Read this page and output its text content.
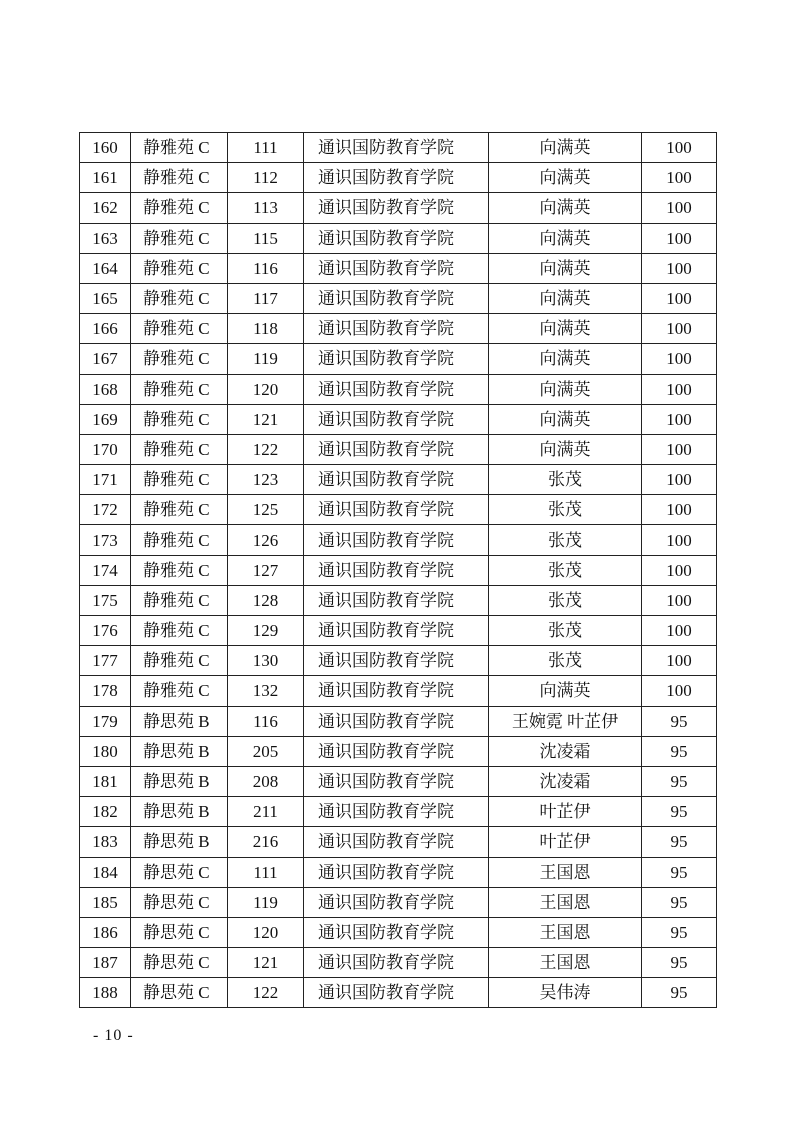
160	静雅苑 C	111	通识国防教育学院	向满英	100
161	静雅苑 C	112	通识国防教育学院	向满英	100
162	静雅苑 C	113	通识国防教育学院	向满英	100
163	静雅苑 C	115	通识国防教育学院	向满英	100
164	静雅苑 C	116	通识国防教育学院	向满英	100
165	静雅苑 C	117	通识国防教育学院	向满英	100
166	静雅苑 C	118	通识国防教育学院	向满英	100
167	静雅苑 C	119	通识国防教育学院	向满英	100
168	静雅苑 C	120	通识国防教育学院	向满英	100
169	静雅苑 C	121	通识国防教育学院	向满英	100
170	静雅苑 C	122	通识国防教育学院	向满英	100
171	静雅苑 C	123	通识国防教育学院	张茂	100
172	静雅苑 C	125	通识国防教育学院	张茂	100
173	静雅苑 C	126	通识国防教育学院	张茂	100
174	静雅苑 C	127	通识国防教育学院	张茂	100
175	静雅苑 C	128	通识国防教育学院	张茂	100
176	静雅苑 C	129	通识国防教育学院	张茂	100
177	静雅苑 C	130	通识国防教育学院	张茂	100
178	静雅苑 C	132	通识国防教育学院	向满英	100
179	静思苑 B	116	通识国防教育学院	王婉霓 叶芷伊	95
180	静思苑 B	205	通识国防教育学院	沈凌霜	95
181	静思苑 B	208	通识国防教育学院	沈凌霜	95
182	静思苑 B	211	通识国防教育学院	叶芷伊	95
183	静思苑 B	216	通识国防教育学院	叶芷伊	95
184	静思苑 C	111	通识国防教育学院	王国恩	95
185	静思苑 C	119	通识国防教育学院	王国恩	95
186	静思苑 C	120	通识国防教育学院	王国恩	95
187	静思苑 C	121	通识国防教育学院	王国恩	95
188	静思苑 C	122	通识国防教育学院	吴伟涛	95
- 10 -
